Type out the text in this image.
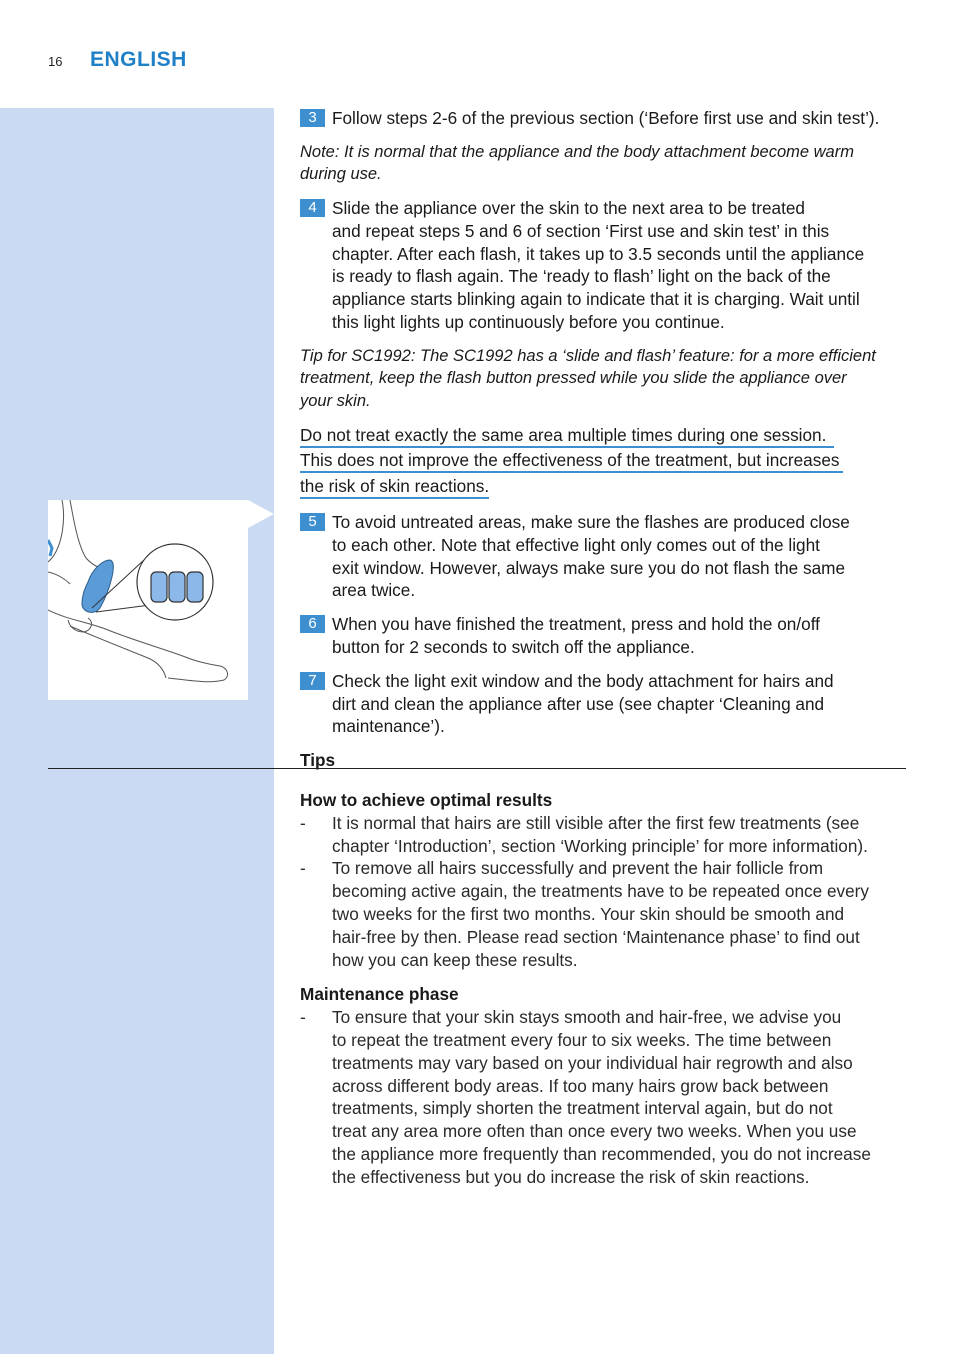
16 ENGLISH
3 Follow steps 2-6 of the previous section (‘Before first use and skin test’).
Note: It is normal that the appliance and the body attachment become warm
during use.
4 Slide the appliance over the skin to the next area to be treated
and repeat steps 5 and 6 of section ‘First use and skin test’ in this
chapter. After each flash, it takes up to 3.5 seconds until the appliance
is ready to flash again. The ‘ready to flash’ light on the back of the
appliance starts blinking again to indicate that it is charging. Wait until
this light lights up continuously before you continue.
Tip for SC1992: The SC1992 has a ‘slide and flash’ feature: for a more efficient
treatment, keep the flash button pressed while you slide the appliance over
your skin.
Do not treat exactly the same area multiple times during one session.
This does not improve the effectiveness of the treatment, but increases
the risk of skin reactions.
5 To avoid untreated areas, make sure the flashes are produced close
to each other. Note that effective light only comes out of the light
exit window. However, always make sure you do not flash the same
area twice.
6 When you have finished the treatment, press and hold the on/off
button for 2 seconds to switch off the appliance.
7 Check the light exit window and the body attachment for hairs and
dirt and clean the appliance after use (see chapter ‘Cleaning and
maintenance’).
Tips
How to achieve optimal results
- It is normal that hairs are still visible after the first few treatments (see
chapter ‘Introduction’, section ‘Working principle’ for more information).
- To remove all hairs successfully and prevent the hair follicle from
becoming active again, the treatments have to be repeated once every
two weeks for the first two months. Your skin should be smooth and
hair-free by then. Please read section ‘Maintenance phase’ to find out
how you can keep these results.
Maintenance phase
- To ensure that your skin stays smooth and hair-free, we advise you
to repeat the treatment every four to six weeks. The time between
treatments may vary based on your individual hair regrowth and also
across different body areas. If too many hairs grow back between
treatments, simply shorten the treatment interval again, but do not
treat any area more often than once every two weeks. When you use
the appliance more frequently than recommended, you do not increase
the effectiveness but you do increase the risk of skin reactions.
